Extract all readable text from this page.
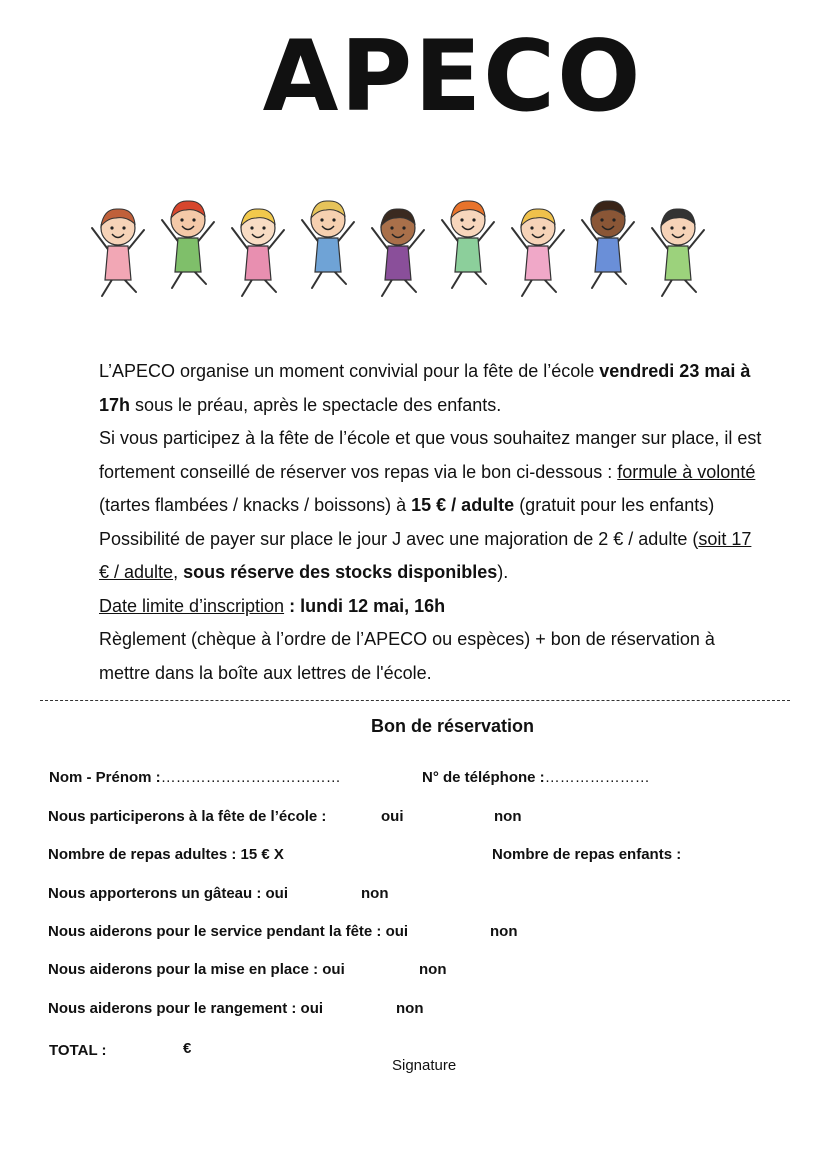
APECO
L’APECO organise un moment convivial pour la fête de l’école vendredi 23 mai à
17h sous le préau, après le spectacle des enfants.
Si vous participez à la fête de l’école et que vous souhaitez manger sur place, il est
fortement conseillé de réserver vos repas via le bon ci-dessous : formule à volonté
(tartes flambées / knacks / boissons) à 15 € / adulte (gratuit pour les enfants)
Possibilité de payer sur place le jour J avec une majoration de 2 € / adulte (soit 17
€ / adulte, sous réserve des stocks disponibles).
Date limite d’inscription : lundi 12 mai, 16h
Règlement (chèque à l’ordre de l’APECO ou espèces) + bon de réservation à
mettre dans la boîte aux lettres de l'école.
Bon de réservation
Nom - Prénom :………………………………	N° de téléphone :…………………
Nous participerons à la fête de l’école :	oui	non
Nombre de repas adultes : 15 € X	Nombre de repas enfants :
Nous apporterons un gâteau : oui	non
Nous aiderons pour le service pendant la fête : oui	non
Nous aiderons pour la mise en place : oui	non
Nous aiderons pour le rangement : oui	non
TOTAL :	€
Signature
